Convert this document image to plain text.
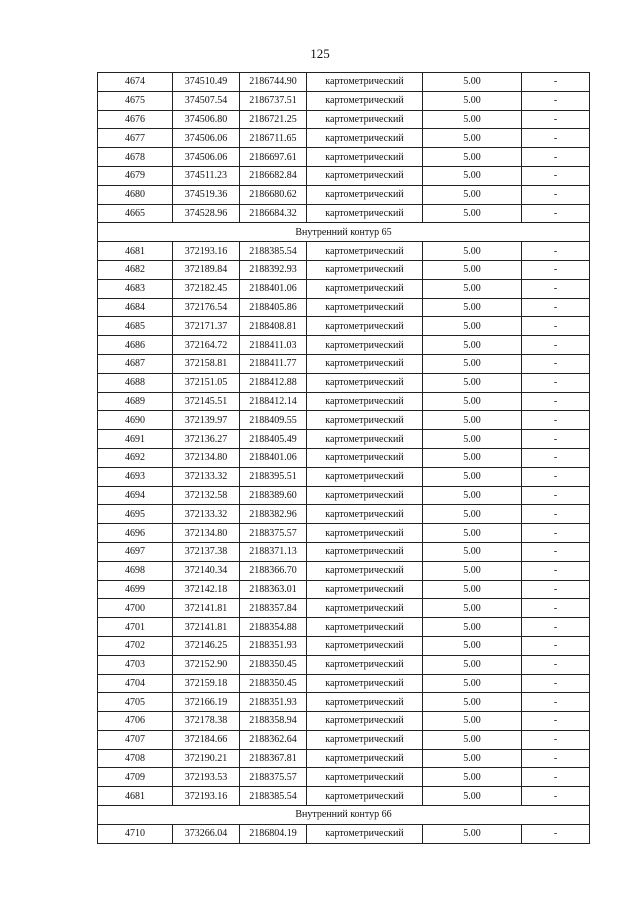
125
4674	374510.49	2186744.90	картометрический	5.00	-
4675	374507.54	2186737.51	картометрический	5.00	-
4676	374506.80	2186721.25	картометрический	5.00	-
4677	374506.06	2186711.65	картометрический	5.00	-
4678	374506.06	2186697.61	картометрический	5.00	-
4679	374511.23	2186682.84	картометрический	5.00	-
4680	374519.36	2186680.62	картометрический	5.00	-
4665	374528.96	2186684.32	картометрический	5.00	-
Внутренний контур 65					
4681	372193.16	2188385.54	картометрический	5.00	-
4682	372189.84	2188392.93	картометрический	5.00	-
4683	372182.45	2188401.06	картометрический	5.00	-
4684	372176.54	2188405.86	картометрический	5.00	-
4685	372171.37	2188408.81	картометрический	5.00	-
4686	372164.72	2188411.03	картометрический	5.00	-
4687	372158.81	2188411.77	картометрический	5.00	-
4688	372151.05	2188412.88	картометрический	5.00	-
4689	372145.51	2188412.14	картометрический	5.00	-
4690	372139.97	2188409.55	картометрический	5.00	-
4691	372136.27	2188405.49	картометрический	5.00	-
4692	372134.80	2188401.06	картометрический	5.00	-
4693	372133.32	2188395.51	картометрический	5.00	-
4694	372132.58	2188389.60	картометрический	5.00	-
4695	372133.32	2188382.96	картометрический	5.00	-
4696	372134.80	2188375.57	картометрический	5.00	-
4697	372137.38	2188371.13	картометрический	5.00	-
4698	372140.34	2188366.70	картометрический	5.00	-
4699	372142.18	2188363.01	картометрический	5.00	-
4700	372141.81	2188357.84	картометрический	5.00	-
4701	372141.81	2188354.88	картометрический	5.00	-
4702	372146.25	2188351.93	картометрический	5.00	-
4703	372152.90	2188350.45	картометрический	5.00	-
4704	372159.18	2188350.45	картометрический	5.00	-
4705	372166.19	2188351.93	картометрический	5.00	-
4706	372178.38	2188358.94	картометрический	5.00	-
4707	372184.66	2188362.64	картометрический	5.00	-
4708	372190.21	2188367.81	картометрический	5.00	-
4709	372193.53	2188375.57	картометрический	5.00	-
4681	372193.16	2188385.54	картометрический	5.00	-
Внутренний контур 66					
4710	373266.04	2186804.19	картометрический	5.00	-
